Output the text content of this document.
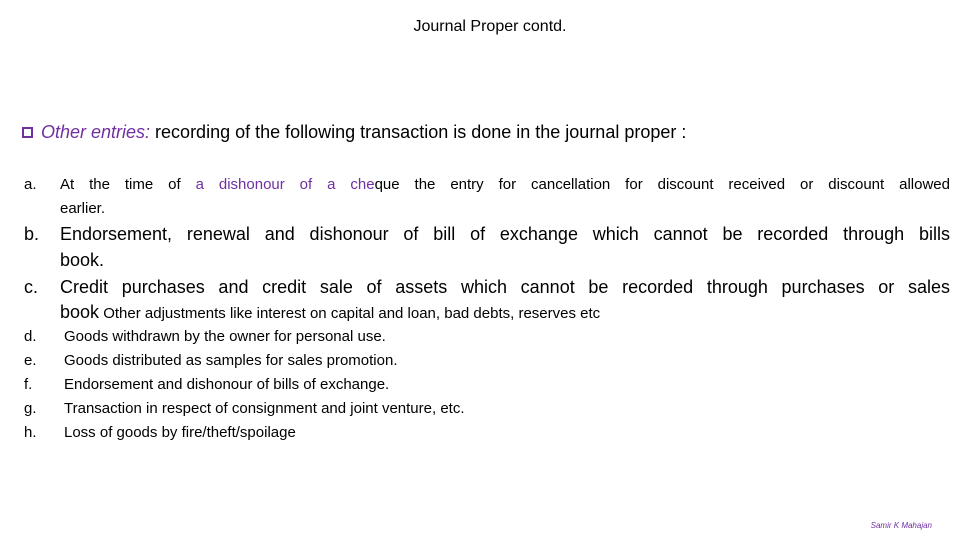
Journal Proper contd.
Other entries: recording of the following transaction is done in the journal proper :
a. At the time of a dishonour of a cheque the entry for cancellation for discount received or discount allowed
earlier.
b. Endorsement, renewal and dishonour of bill of exchange which cannot be recorded through bills
book.
c. Credit purchases and credit sale of assets which cannot be recorded through purchases or sales
book Other adjustments like interest on capital and loan, bad debts, reserves etc
d. Goods withdrawn by the owner for personal use.
e. Goods distributed as samples for sales promotion.
f. Endorsement and dishonour of bills of exchange.
g. Transaction in respect of consignment and joint venture, etc.
h. Loss of goods by fire/theft/spoilage
Samir K Mahajan
